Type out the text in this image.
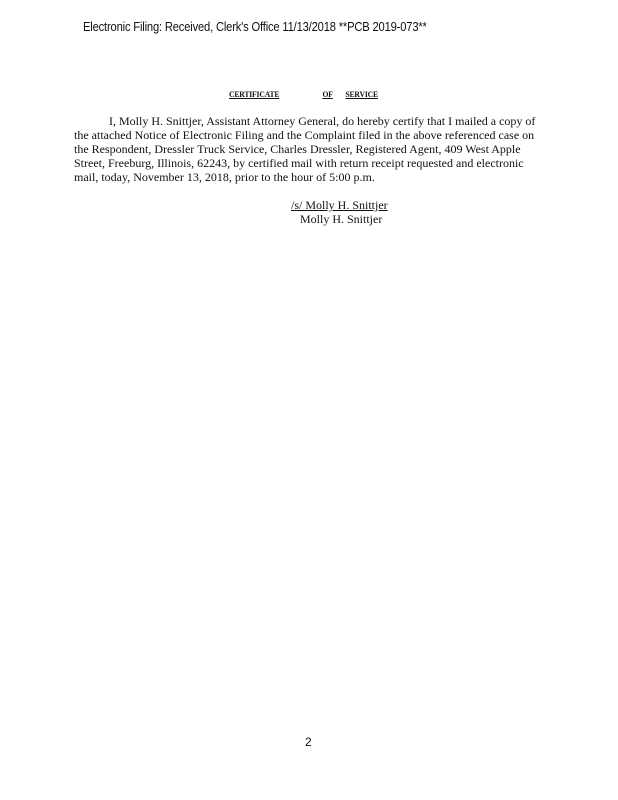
Electronic Filing: Received, Clerk's Office 11/13/2018 **PCB 2019-073**
CERTIFICATE	OF SERVICE
I, Molly H. Snittjer, Assistant Attorney General, do hereby certify that I mailed a copy of
the attached Notice of Electronic Filing and the Complaint filed in the above referenced case on
the Respondent, Dressler Truck Service, Charles Dressler, Registered Agent, 409 West Apple
Street, Freeburg, Illinois, 62243, by certified mail with return receipt requested and electronic
mail, today, November 13, 2018, prior to the hour of 5:00 p.m.
/s/ Molly H. Snittjer
Molly H. Snittjer
2
